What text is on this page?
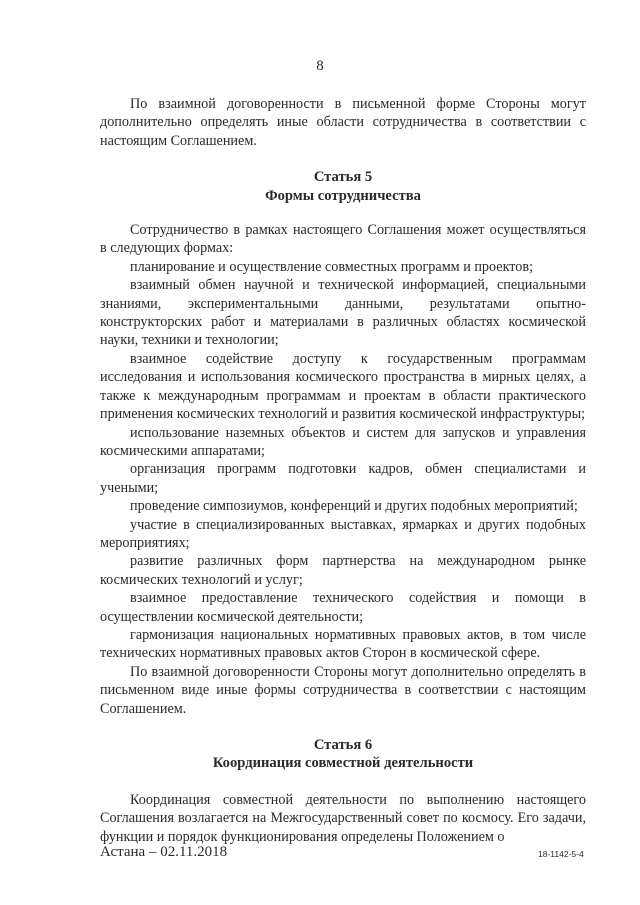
8

По взаимной договоренности в письменной форме Стороны могут дополнительно определять иные области сотрудничества в соответствии с настоящим Соглашением.

Статья 5
Формы сотрудничества

Сотрудничество в рамках настоящего Соглашения может осуществляться в следующих формах:

планирование и осуществление совместных программ и проектов;

взаимный обмен научной и технической информацией, специальными знаниями, экспериментальными данными, результатами опытно-конструкторских работ и материалами в различных областях космической науки, техники и технологии;

взаимное содействие доступу к государственным программам исследования и использования космического пространства в мирных целях, а также к международным программам и проектам в области практического применения космических технологий и развития космической инфраструктуры;

использование наземных объектов и систем для запусков и управления космическими аппаратами;

организация программ подготовки кадров, обмен специалистами и учеными;

проведение симпозиумов, конференций и других подобных мероприятий;

участие в специализированных выставках, ярмарках и других подобных мероприятиях;

развитие различных форм партнерства на международном рынке космических технологий и услуг;

взаимное предоставление технического содействия и помощи в осуществлении космической деятельности;

гармонизация национальных нормативных правовых актов, в том числе технических нормативных правовых актов Сторон в космической сфере.

По взаимной договоренности Стороны могут дополнительно определять в письменном виде иные формы сотрудничества в соответствии с настоящим Соглашением.

Статья 6
Координация совместной деятельности

Координация совместной деятельности по выполнению настоящего Соглашения возлагается на Межгосударственный совет по космосу. Его задачи, функции и порядок функционирования определены Положением о

Астана – 02.11.2018	18-1142-5-4
